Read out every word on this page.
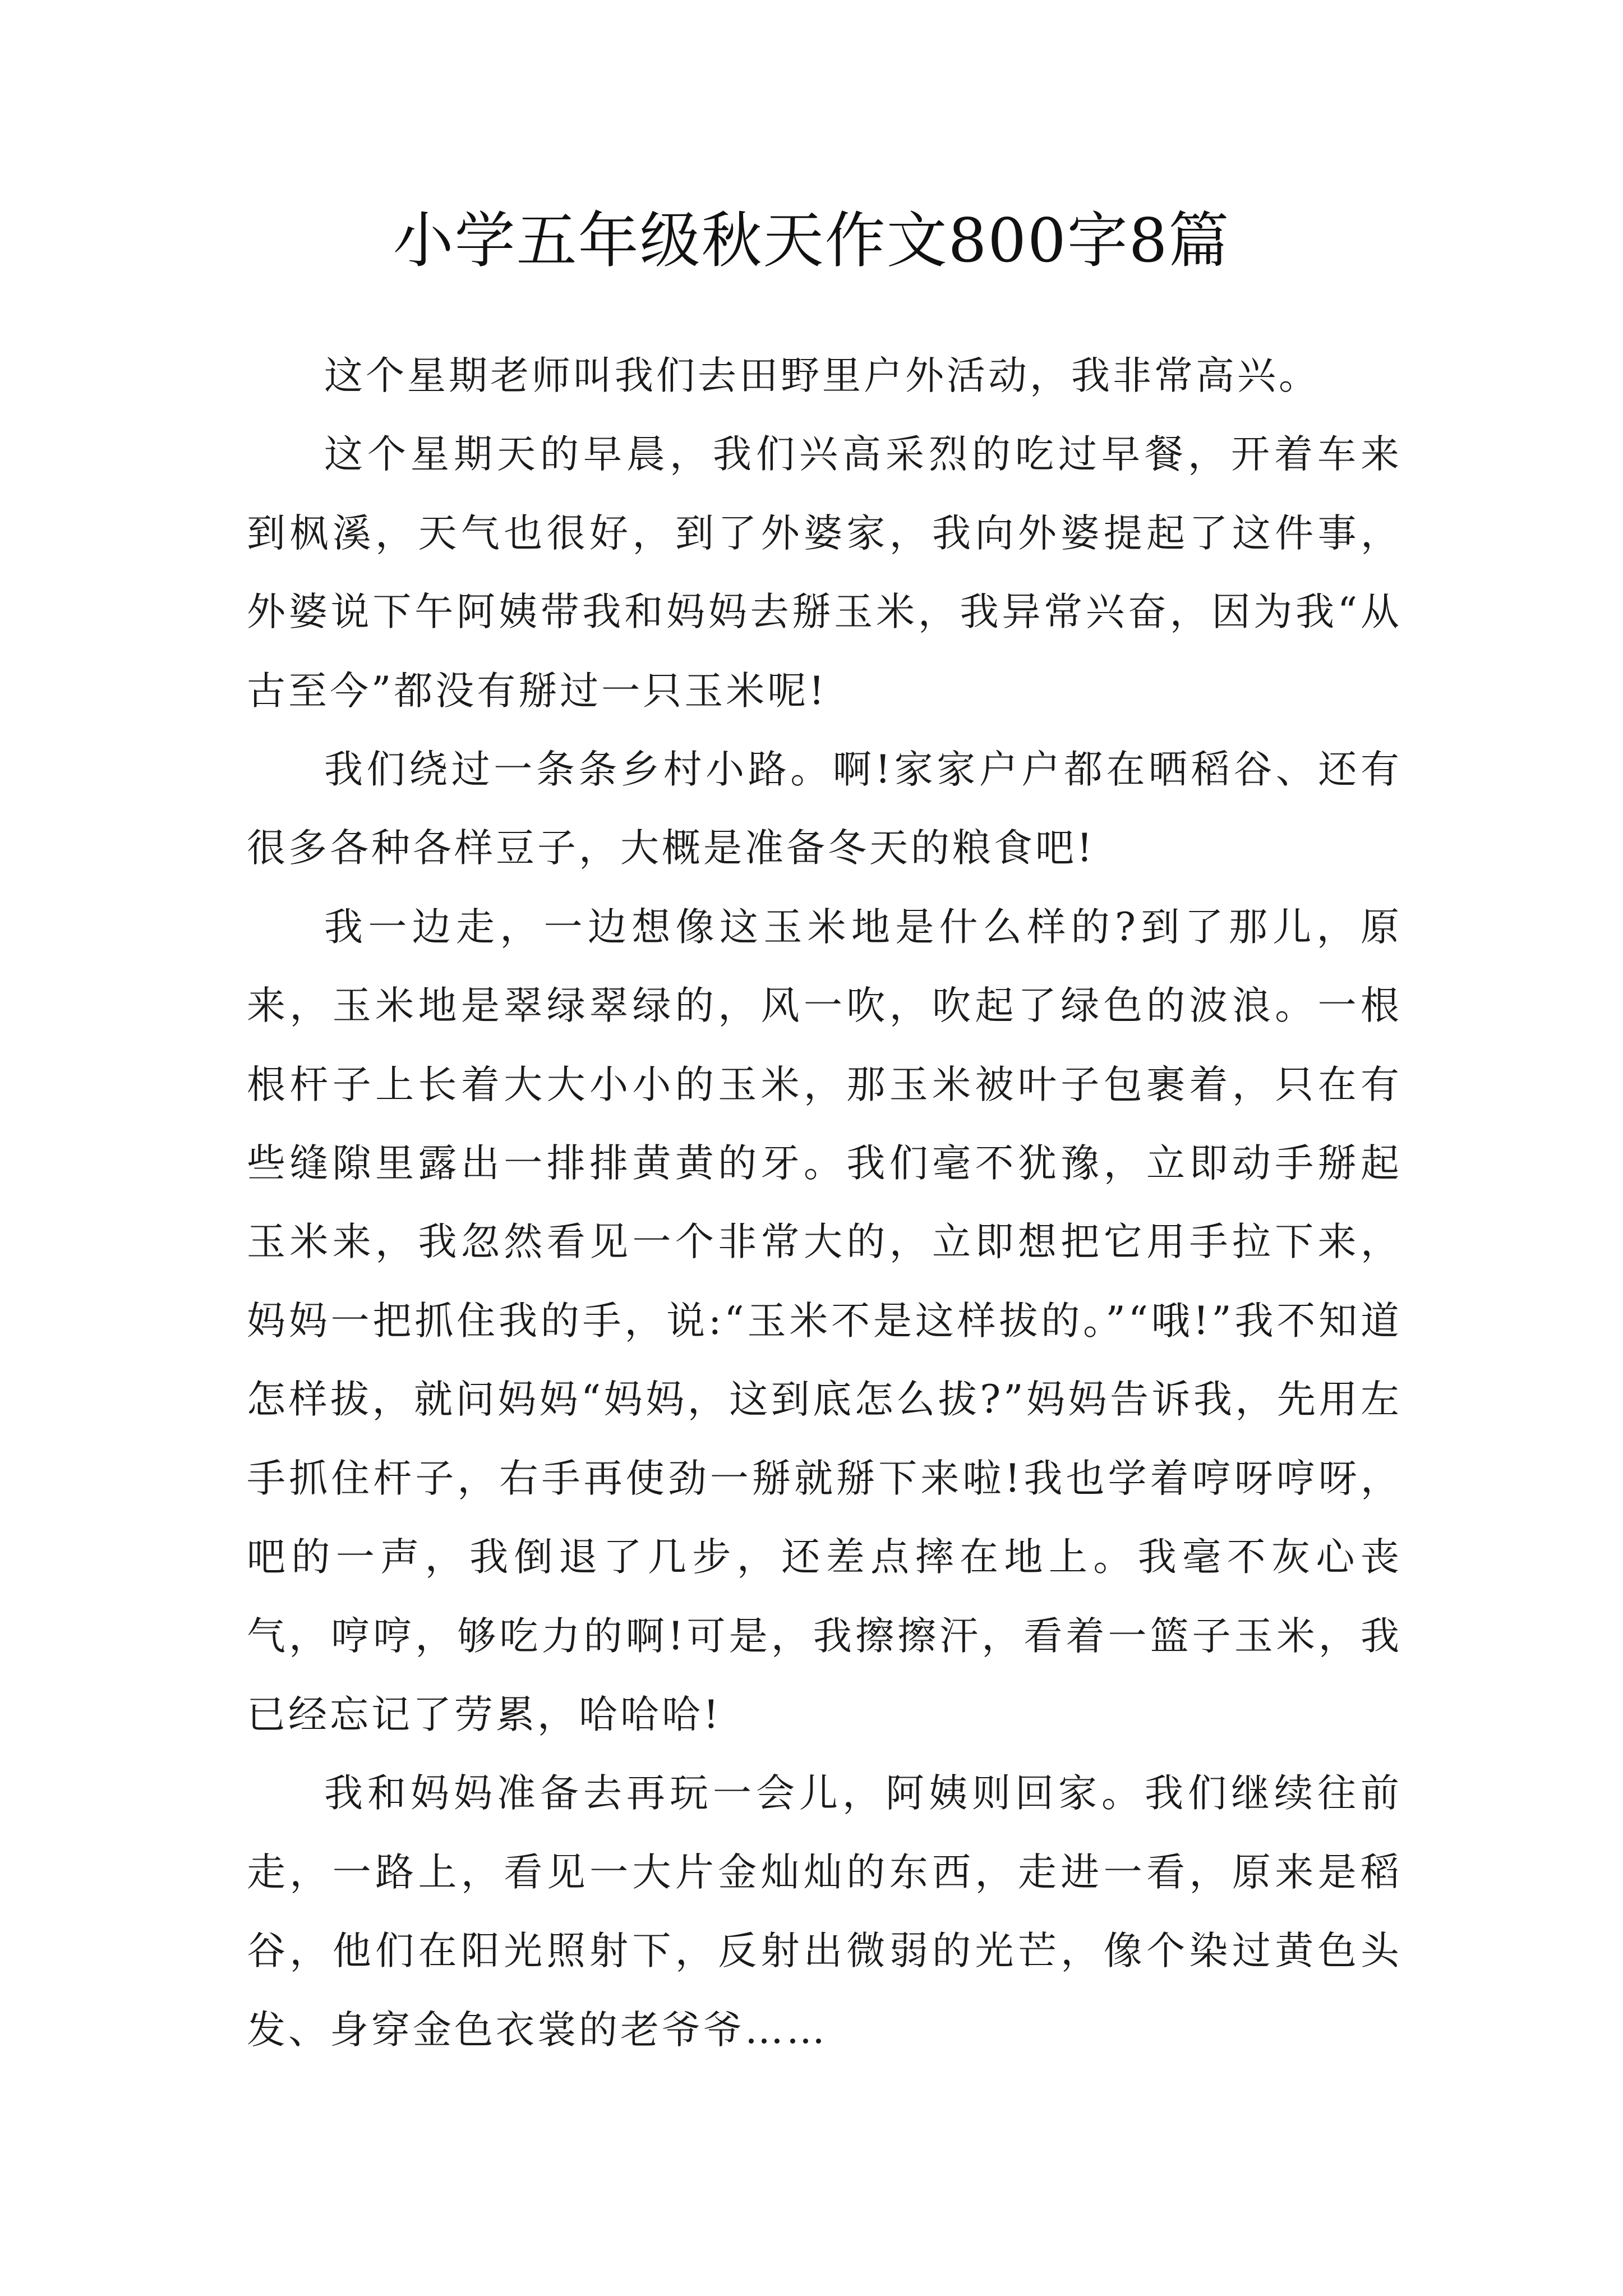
小学五年级秋天作文800字8篇

这个星期老师叫我们去田野里户外活动，我非常高兴。

这个星期天的早晨，我们兴高采烈的吃过早餐，开着车来到枫溪，天气也很好，到了外婆家，我向外婆提起了这件事，外婆说下午阿姨带我和妈妈去掰玉米，我异常兴奋，因为我“从古至今”都没有掰过一只玉米呢!

我们绕过一条条乡村小路。啊!家家户户都在晒稻谷、还有很多各种各样豆子，大概是准备冬天的粮食吧!

我一边走，一边想像这玉米地是什么样的?到了那儿，原来，玉米地是翠绿翠绿的，风一吹，吹起了绿色的波浪。一根根杆子上长着大大小小的玉米，那玉米被叶子包裹着，只在有些缝隙里露出一排排黄黄的牙。我们毫不犹豫，立即动手掰起玉米来，我忽然看见一个非常大的，立即想把它用手拉下来，妈妈一把抓住我的手，说:“玉米不是这样拔的。”“哦!”我不知道怎样拔，就问妈妈“妈妈，这到底怎么拔?”妈妈告诉我，先用左手抓住杆子，右手再使劲一掰就掰下来啦!我也学着哼呀哼呀，吧的一声，我倒退了几步，还差点摔在地上。我毫不灰心丧气，哼哼，够吃力的啊!可是，我擦擦汗，看着一篮子玉米，我已经忘记了劳累，哈哈哈!

我和妈妈准备去再玩一会儿，阿姨则回家。我们继续往前走，一路上，看见一大片金灿灿的东西，走进一看，原来是稻谷，他们在阳光照射下，反射出微弱的光芒，像个染过黄色头发、身穿金色衣裳的老爷爷……
